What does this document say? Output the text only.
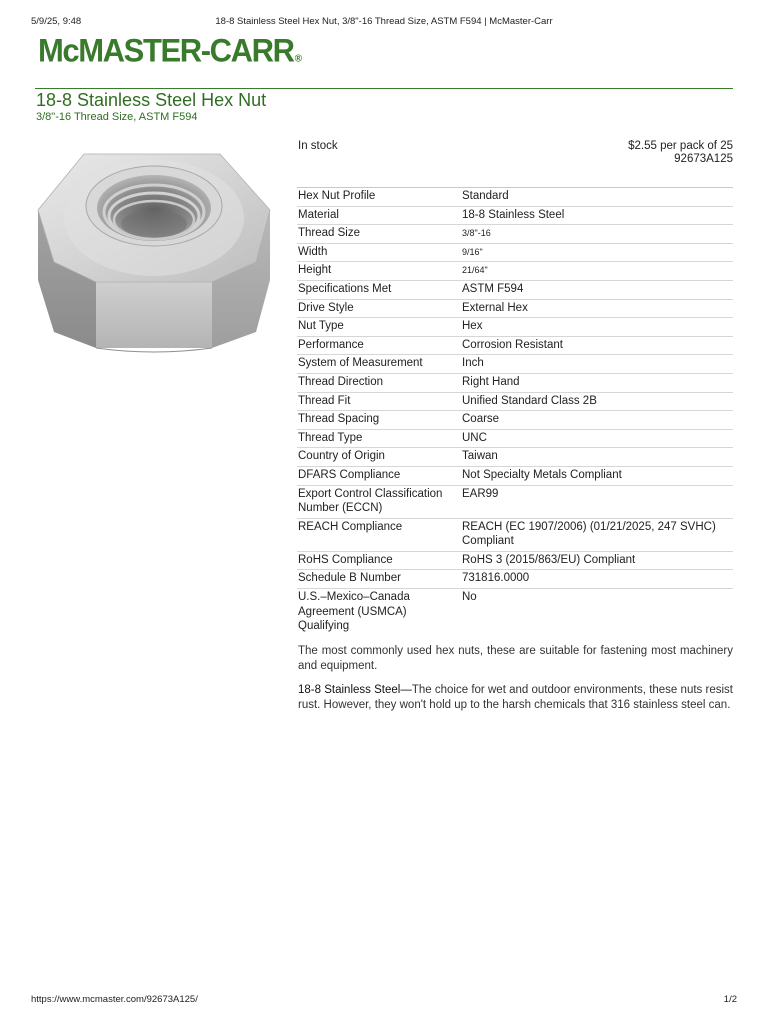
5/9/25, 9:48	18-8 Stainless Steel Hex Nut, 3/8"-16 Thread Size, ASTM F594 | McMaster-Carr
McMASTER-CARR®
18-8 Stainless Steel Hex Nut
3/8"-16 Thread Size, ASTM F594
In stock	$2.55 per pack of 25
92673A125
Hex Nut Profile	Standard
Material	18-8 Stainless Steel
Thread Size	3/8"-16
Width	9/16"
Height	21/64"
Specifications Met	ASTM F594
Drive Style	External Hex
Nut Type	Hex
Performance	Corrosion Resistant
System of Measurement	Inch
Thread Direction	Right Hand
Thread Fit	Unified Standard Class 2B
Thread Spacing	Coarse
Thread Type	UNC
Country of Origin	Taiwan
DFARS Compliance	Not Specialty Metals Compliant
Export Control Classification Number (ECCN)	EAR99
REACH Compliance	REACH (EC 1907/2006) (01/21/2025, 247 SVHC) Compliant
RoHS Compliance	RoHS 3 (2015/863/EU) Compliant
Schedule B Number	731816.0000
U.S.–Mexico–Canada Agreement (USMCA) Qualifying	No

The most commonly used hex nuts, these are suitable for fastening most machinery and equipment.

18-8 Stainless Steel—The choice for wet and outdoor environments, these nuts resist rust. However, they won't hold up to the harsh chemicals that 316 stainless steel can.

https://www.mcmaster.com/92673A125/	1/2
